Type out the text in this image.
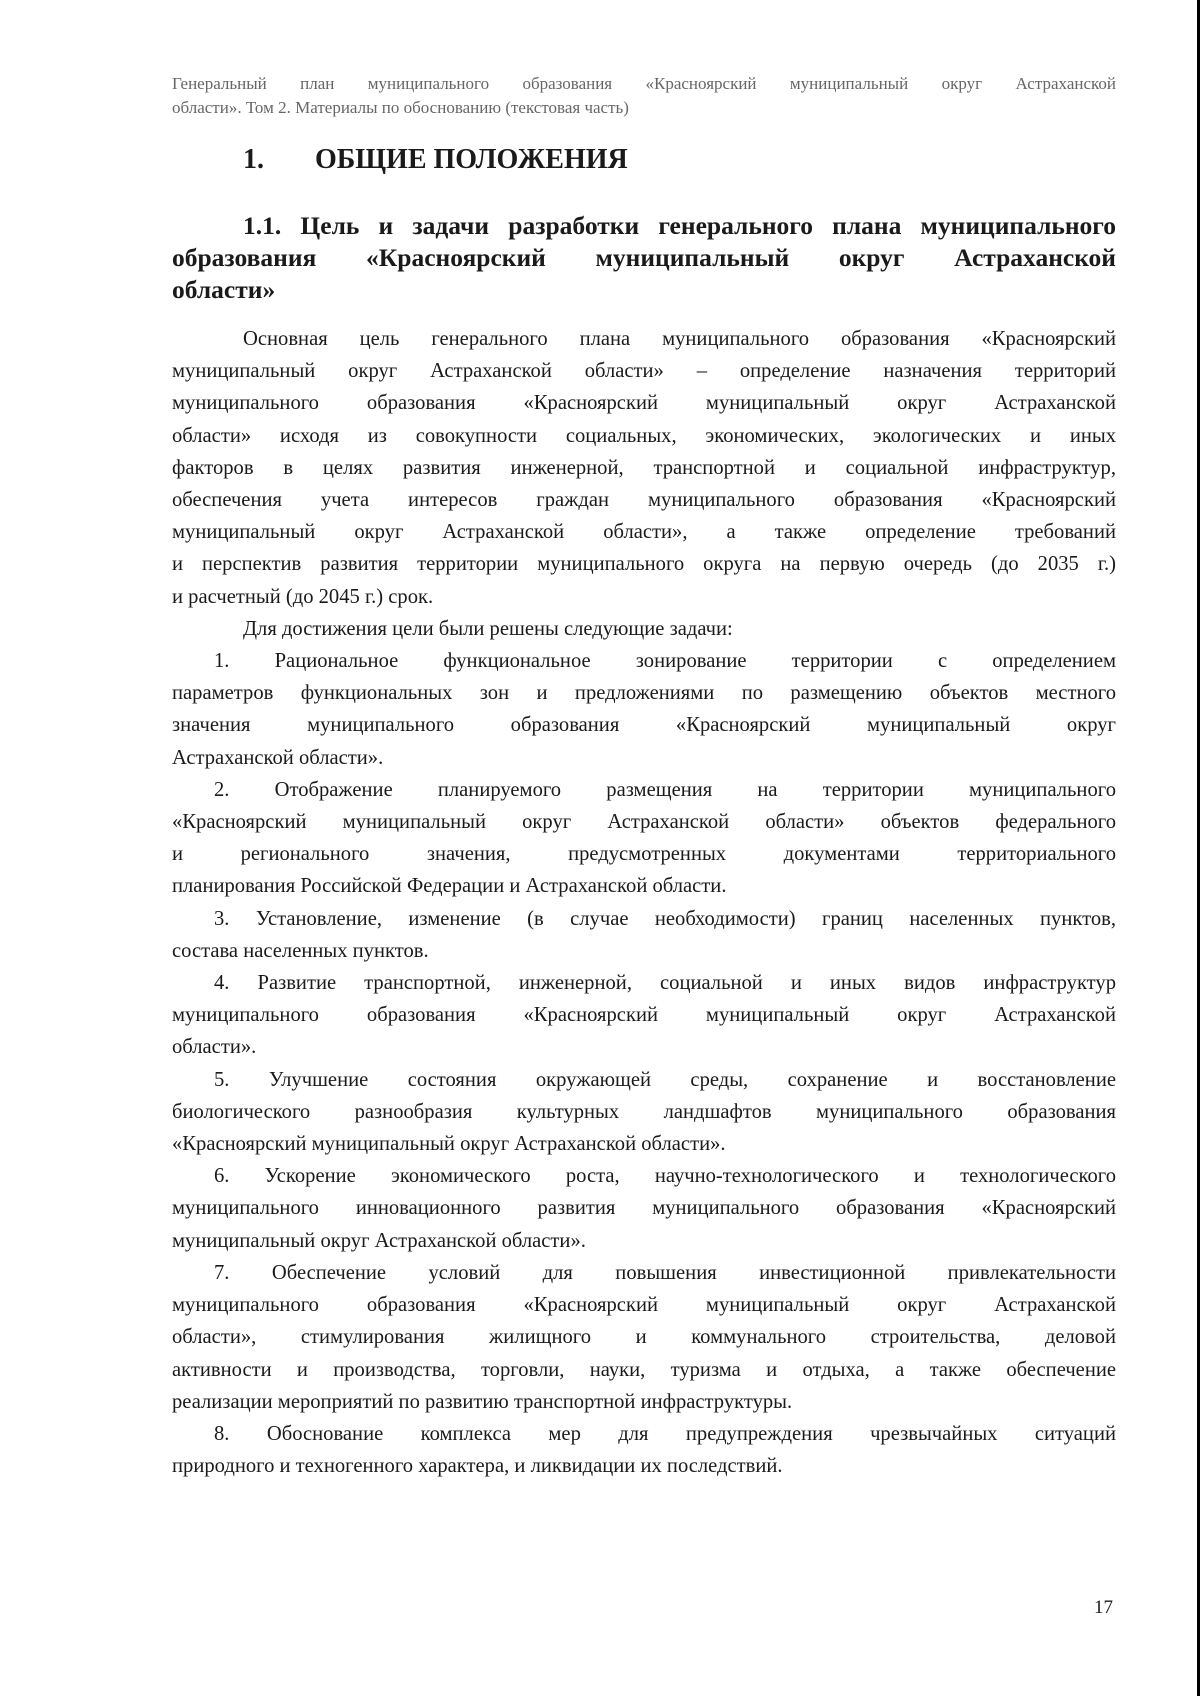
Генеральный план муниципального образования «Красноярский муниципальный округ Астраханской
области». Том 2. Материалы по обоснованию (текстовая часть)
1. ОБЩИЕ ПОЛОЖЕНИЯ
1.1. Цель и задачи разработки генерального плана муниципального
образования «Красноярский муниципальный округ Астраханской
области»
Основная цель генерального плана муниципального образования «Красноярский
муниципальный округ Астраханской области» – определение назначения территорий
муниципального образования «Красноярский муниципальный округ Астраханской
области» исходя из совокупности социальных, экономических, экологических и иных
факторов в целях развития инженерной, транспортной и социальной инфраструктур,
обеспечения учета интересов граждан муниципального образования «Красноярский
муниципальный округ Астраханской области», а также определение требований
и перспектив развития территории муниципального округа на первую очередь (до 2035 г.)
и расчетный (до 2045 г.) срок.
Для достижения цели были решены следующие задачи:
1. Рациональное функциональное зонирование территории с определением
параметров функциональных зон и предложениями по размещению объектов местного
значения муниципального образования «Красноярский муниципальный округ
Астраханской области».
2. Отображение планируемого размещения на территории муниципального
«Красноярский муниципальный округ Астраханской области» объектов федерального
и регионального значения, предусмотренных документами территориального
планирования Российской Федерации и Астраханской области.
3. Установление, изменение (в случае необходимости) границ населенных пунктов,
состава населенных пунктов.
4. Развитие транспортной, инженерной, социальной и иных видов инфраструктур
муниципального образования «Красноярский муниципальный округ Астраханской
области».
5. Улучшение состояния окружающей среды, сохранение и восстановление
биологического разнообразия культурных ландшафтов муниципального образования
«Красноярский муниципальный округ Астраханской области».
6. Ускорение экономического роста, научно-технологического и технологического
муниципального инновационного развития муниципального образования «Красноярский
муниципальный округ Астраханской области».
7. Обеспечение условий для повышения инвестиционной привлекательности
муниципального образования «Красноярский муниципальный округ Астраханской
области», стимулирования жилищного и коммунального строительства, деловой
активности и производства, торговли, науки, туризма и отдыха, а также обеспечение
реализации мероприятий по развитию транспортной инфраструктуры.
8. Обоснование комплекса мер для предупреждения чрезвычайных ситуаций
природного и техногенного характера, и ликвидации их последствий.
17
